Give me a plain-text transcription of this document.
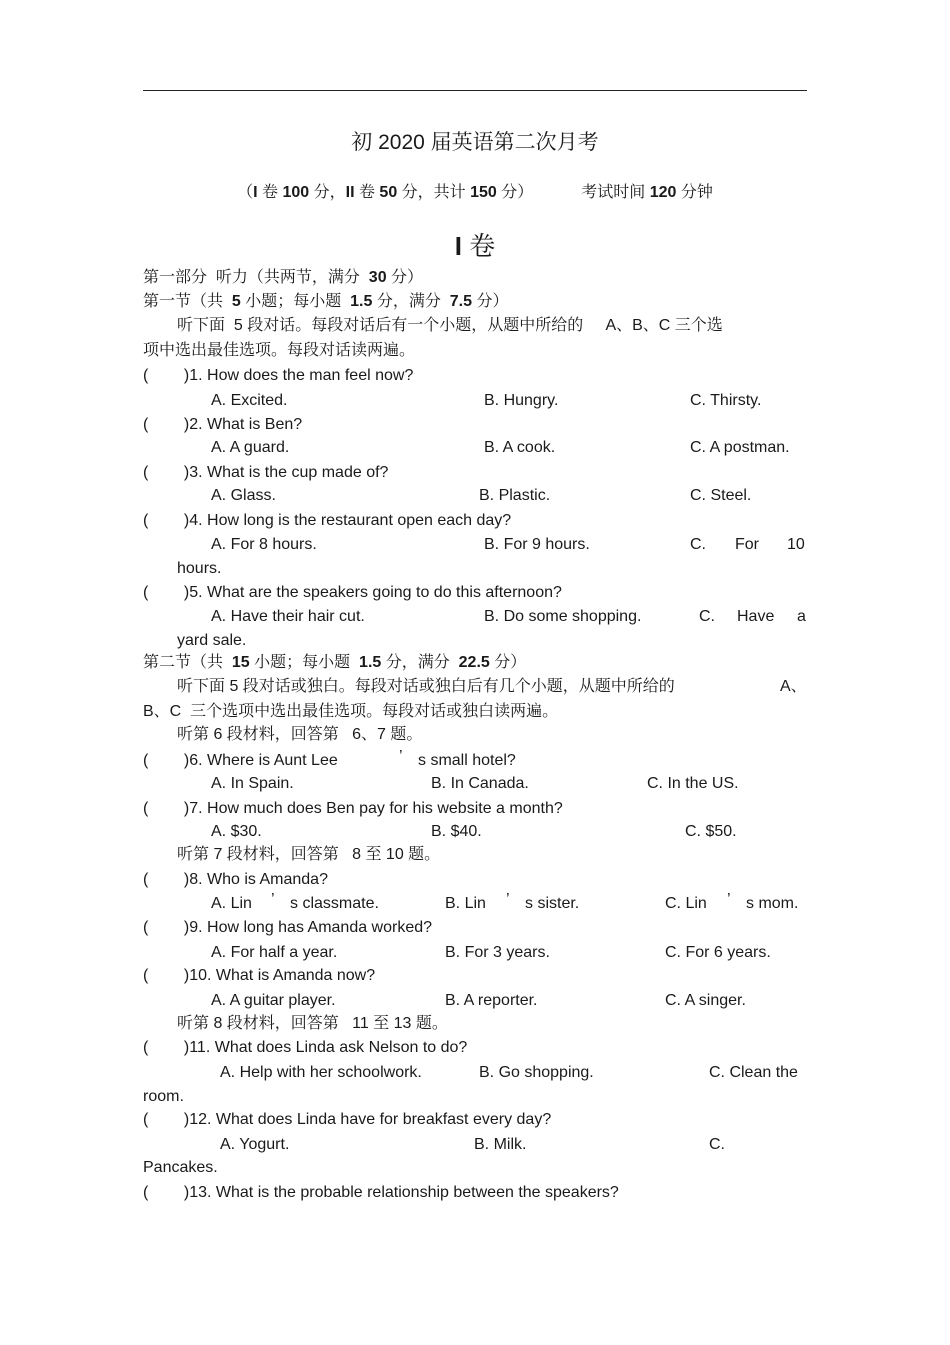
初 2020 届英语第二次月考
（I 卷 100 分，II 卷 50 分，共计 150 分）	考试时间 120 分钟
I 卷
第一部分  听力（共两节，满分  30 分）
第一节（共  5 小题；每小题  1.5 分，满分  7.5 分）
听下面  5 段对话。每段对话后有一个小题，从题中所给的     A、B、C 三个选
项中选出最佳选项。每段对话读两遍。
(        )1. How does the man feel now?
A. Excited.	B. Hungry.	C. Thirsty.
(        )2. What is Ben?
A. A guard.	B. A cook.	C. A postman.
(        )3. What is the cup made of?
A. Glass.	B. Plastic.	C. Steel.
(        )4. How long is the restaurant open each day?
A. For 8 hours.	B. For 9 hours.	C. For 10
hours.
(        )5. What are the speakers going to do this afternoon?
A. Have their hair cut.	B. Do some shopping.	C. Have a
yard sale.
第二节（共  15 小题；每小题  1.5 分，满分  22.5 分）
听下面 5 段对话或独白。每段对话或独白后有几个小题，从题中所给的	A、
B、C  三个选项中选出最佳选项。每段对话或独白读两遍。
听第 6 段材料，回答第   6、7 题。
(        )6. Where is Aunt Lee	’ s small hotel?
A. In Spain.	B. In Canada.	C. In the US.
(        )7. How much does Ben pay for his website a month?
A. $30.	B. $40.	C. $50.
听第 7 段材料，回答第   8 至 10 题。
(        )8. Who is Amanda?
A. Lin ’ s classmate.	B. Lin ’ s sister.	C. Lin ’ s mom.
(        )9. How long has Amanda worked?
A. For half a year.	B. For 3 years.	C. For 6 years.
(        )10. What is Amanda now?
A. A guitar player.	B. A reporter.	C. A singer.
听第 8 段材料，回答第   11 至 13 题。
(        )11. What does Linda ask Nelson to do?
A. Help with her schoolwork.	B. Go shopping.	C. Clean the
room.
(        )12. What does Linda have for breakfast every day?
A. Yogurt.	B. Milk.	C.
Pancakes.
(        )13. What is the probable relationship between the speakers?
